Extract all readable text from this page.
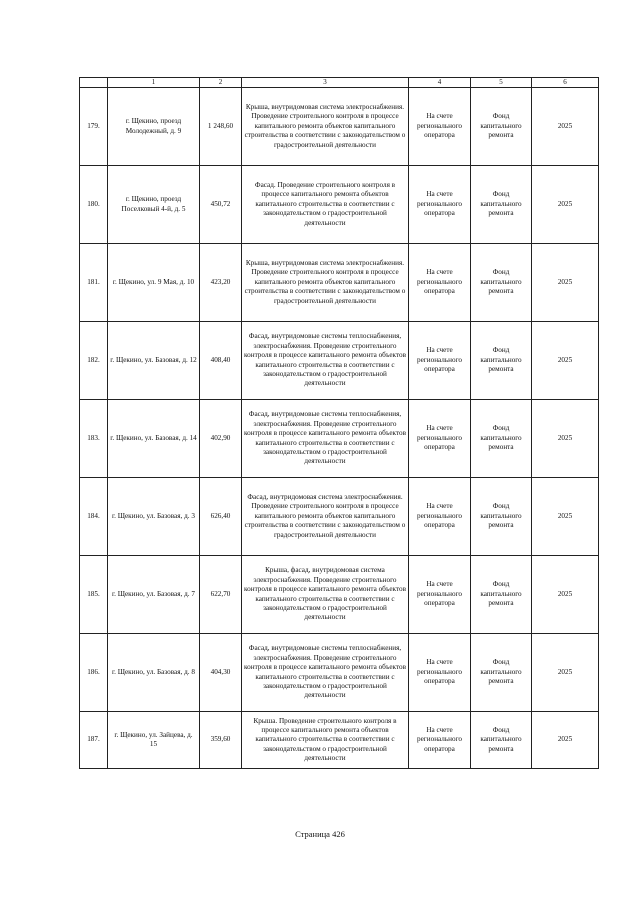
	1	2	3	4	5	6
179.	г. Щекино, проезд Молодежный, д. 9	1 248,60	Крыша, внутридомовая система электроснабжения. Проведение строительного контроля в процессе капитального ремонта объектов капитального строительства в соответствии с законодательством о градостроительной деятельности	На счете регионального оператора	Фонд капитального ремонта	2025
180.	г. Щекино, проезд Поселковый 4-й, д. 5	450,72	Фасад. Проведение строительного контроля в процессе капитального ремонта объектов капитального строительства в соответствии с законодательством о градостроительной деятельности	На счете регионального оператора	Фонд капитального ремонта	2025
181.	г. Щекино, ул. 9 Мая, д. 10	423,20	Крыша, внутридомовая система электроснабжения. Проведение строительного контроля в процессе капитального ремонта объектов капитального строительства в соответствии с законодательством о градостроительной деятельности	На счете регионального оператора	Фонд капитального ремонта	2025
182.	г. Щекино, ул. Базовая, д. 12	408,40	Фасад, внутридомовые системы теплоснабжения, электроснабжения. Проведение строительного контроля в процессе капитального ремонта объектов капитального строительства в соответствии с законодательством о градостроительной деятельности	На счете регионального оператора	Фонд капитального ремонта	2025
183.	г. Щекино, ул. Базовая, д. 14	402,90	Фасад, внутридомовые системы теплоснабжения, электроснабжения. Проведение строительного контроля в процессе капитального ремонта объектов капитального строительства в соответствии с законодательством о градостроительной деятельности	На счете регионального оператора	Фонд капитального ремонта	2025
184.	г. Щекино, ул. Базовая, д. 3	626,40	Фасад, внутридомовая система электроснабжения. Проведение строительного контроля в процессе капитального ремонта объектов капитального строительства в соответствии с законодательством о градостроительной деятельности	На счете регионального оператора	Фонд капитального ремонта	2025
185.	г. Щекино, ул. Базовая, д. 7	622,70	Крыша, фасад, внутридомовая система электроснабжения. Проведение строительного контроля в процессе капитального ремонта объектов капитального строительства в соответствии с законодательством о градостроительной деятельности	На счете регионального оператора	Фонд капитального ремонта	2025
186.	г. Щекино, ул. Базовая, д. 8	404,30	Фасад, внутридомовые системы теплоснабжения, электроснабжения. Проведение строительного контроля в процессе капитального ремонта объектов капитального строительства в соответствии с законодательством о градостроительной деятельности	На счете регионального оператора	Фонд капитального ремонта	2025
187.	г. Щекино, ул. Зайцева, д. 15	359,60	Крыша. Проведение строительного контроля в процессе капитального ремонта объектов капитального строительства в соответствии с законодательством о градостроительной деятельности	На счете регионального оператора	Фонд капитального ремонта	2025
Страница 426
